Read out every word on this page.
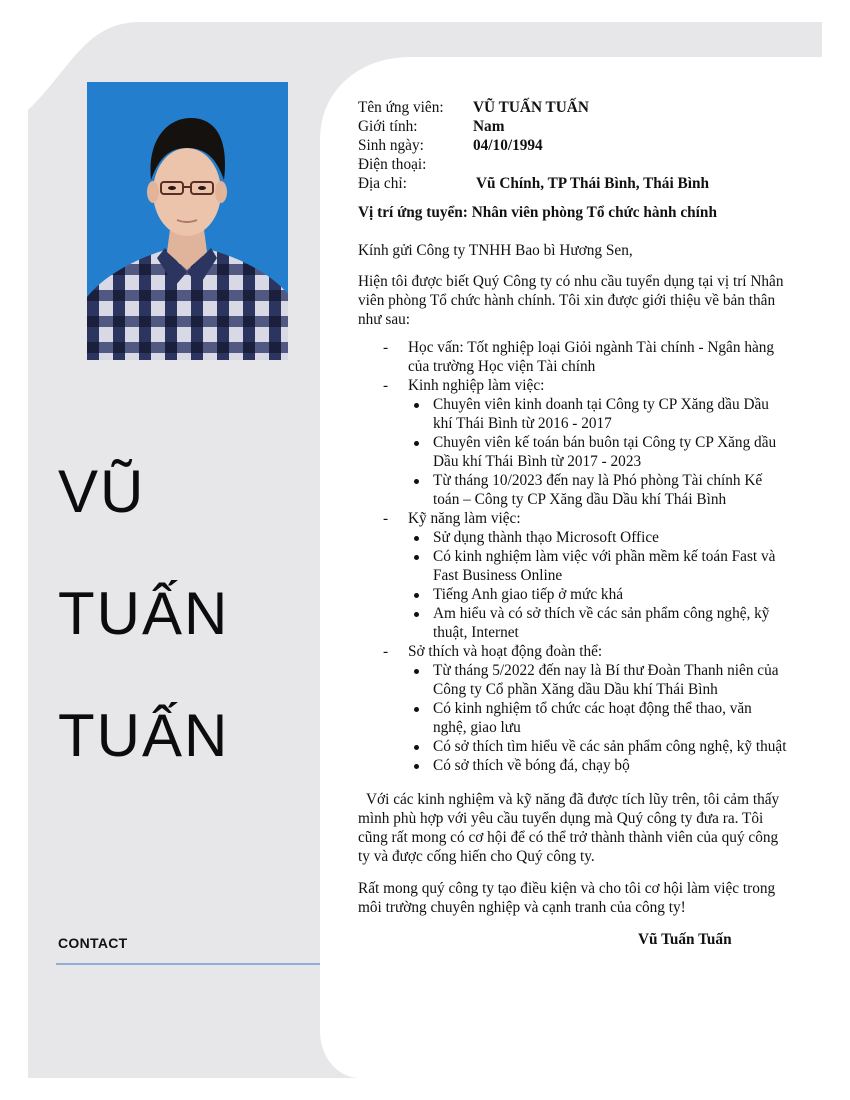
VŨ
TUẤN
TUẤN
CONTACT
Tên ứng viên:	VŨ TUẤN TUẤN
Giới tính:	Nam
Sinh ngày:	04/10/1994
Điện thoại:
Địa chỉ:	Vũ Chính, TP Thái Bình, Thái Bình

Vị trí ứng tuyển: Nhân viên phòng Tổ chức hành chính

Kính gửi Công ty TNHH Bao bì Hương Sen,

Hiện tôi được biết Quý Công ty có nhu cầu tuyển dụng tại vị trí Nhân viên phòng Tổ chức hành chính. Tôi xin được giới thiệu về bản thân như sau:

- Học vấn: Tốt nghiệp loại Giỏi ngành Tài chính - Ngân hàng của trường Học viện Tài chính
- Kinh nghiệp làm việc:
Chuyên viên kinh doanh tại Công ty CP Xăng dầu Dầu khí Thái Bình từ 2016 - 2017
Chuyên viên kế toán bán buôn tại Công ty CP Xăng dầu Dầu khí Thái Bình từ 2017 - 2023
Từ tháng 10/2023 đến nay là Phó phòng Tài chính Kế toán – Công ty CP Xăng dầu Dầu khí Thái Bình
- Kỹ năng làm việc:
Sử dụng thành thạo Microsoft Office
Có kinh nghiệm làm việc với phần mềm kế toán Fast và Fast Business Online
Tiếng Anh giao tiếp ở mức khá
Am hiểu và có sở thích về các sản phẩm công nghệ, kỹ thuật, Internet
- Sở thích và hoạt động đoàn thể:
Từ tháng 5/2022 đến nay là Bí thư Đoàn Thanh niên của Công ty Cổ phần Xăng dầu Dầu khí Thái Bình
Có kinh nghiệm tổ chức các hoạt động thể thao, văn nghệ, giao lưu
Có sở thích tìm hiểu về các sản phẩm công nghệ, kỹ thuật
Có sở thích về bóng đá, chạy bộ

Với các kinh nghiệm và kỹ năng đã được tích lũy trên, tôi cảm thấy mình phù hợp với yêu cầu tuyển dụng mà Quý công ty đưa ra. Tôi cũng rất mong có cơ hội để có thể trở thành thành viên của quý công ty và được cống hiến cho Quý công ty.

Rất mong quý công ty tạo điều kiện và cho tôi cơ hội làm việc trong môi trường chuyên nghiệp và cạnh tranh của công ty!

Vũ Tuấn Tuấn
